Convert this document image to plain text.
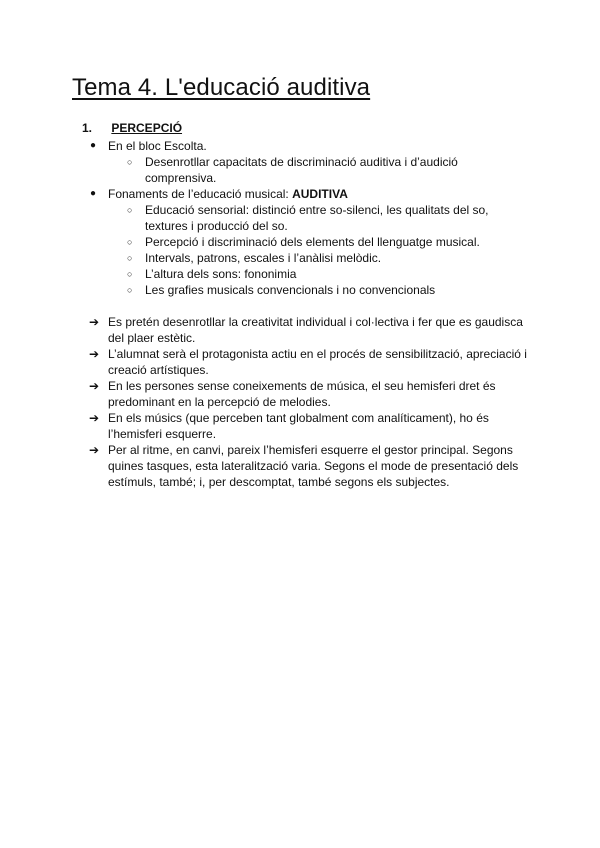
Tema 4. L'educació auditiva
1. PERCEPCIÓ
● En el bloc Escolta.
○ Desenrotllar capacitats de discriminació auditiva i d’audició comprensiva.
● Fonaments de l’educació musical: AUDITIVA
○ Educació sensorial: distinció entre so-silenci, les qualitats del so, textures i producció del so.
○ Percepció i discriminació dels elements del llenguatge musical.
○ Intervals, patrons, escales i l’anàlisi melòdic.
○ L’altura dels sons: fononimia
○ Les grafies musicals convencionals i no convencionals
➔ Es pretén desenrotllar la creativitat individual i col·lectiva i fer que es gaudisca del plaer estètic.
➔ L’alumnat serà el protagonista actiu en el procés de sensibilització, apreciació i creació artístiques.
➔ En les persones sense coneixements de música, el seu hemisferi dret és predominant en la percepció de melodies.
➔ En els músics (que perceben tant globalment com analíticament), ho és l’hemisferi esquerre.
➔ Per al ritme, en canvi, pareix l’hemisferi esquerre el gestor principal. Segons quines tasques, esta lateralització varia. Segons el mode de presentació dels estímuls, també; i, per descomptat, també segons els subjectes.
